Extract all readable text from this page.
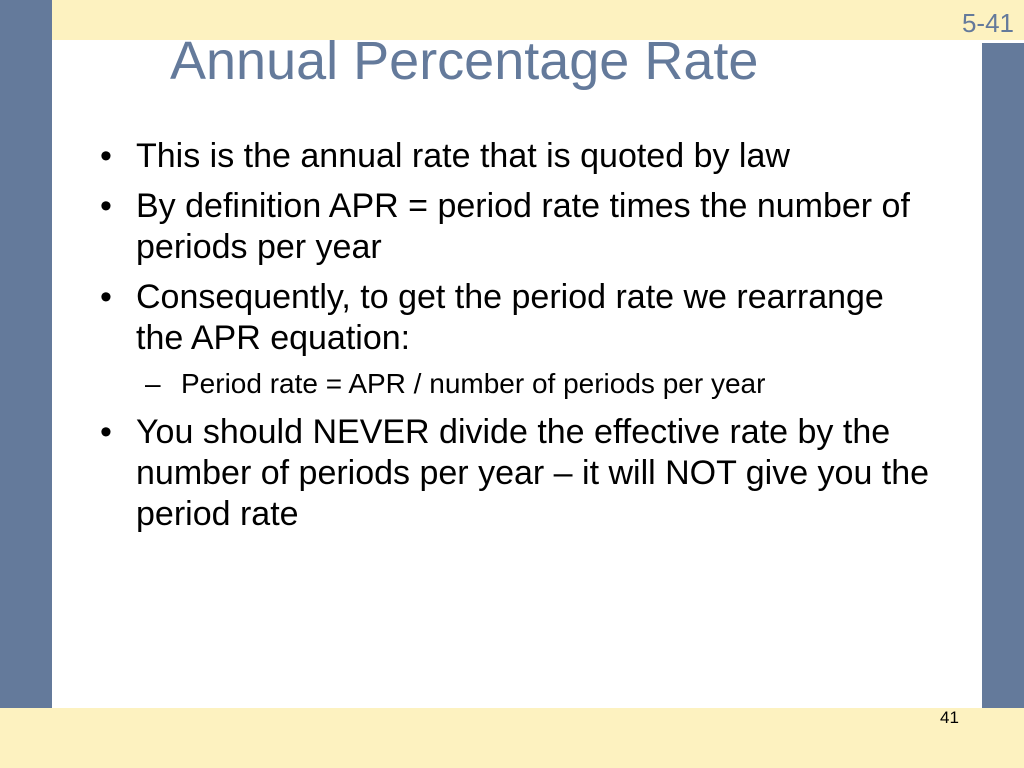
5-41
Annual Percentage Rate
• This is the annual rate that is quoted by law
• By definition APR = period rate times the number of periods per year
• Consequently, to get the period rate we rearrange the APR equation:
– Period rate = APR / number of periods per year
• You should NEVER divide the effective rate by the number of periods per year – it will NOT give you the period rate
41
